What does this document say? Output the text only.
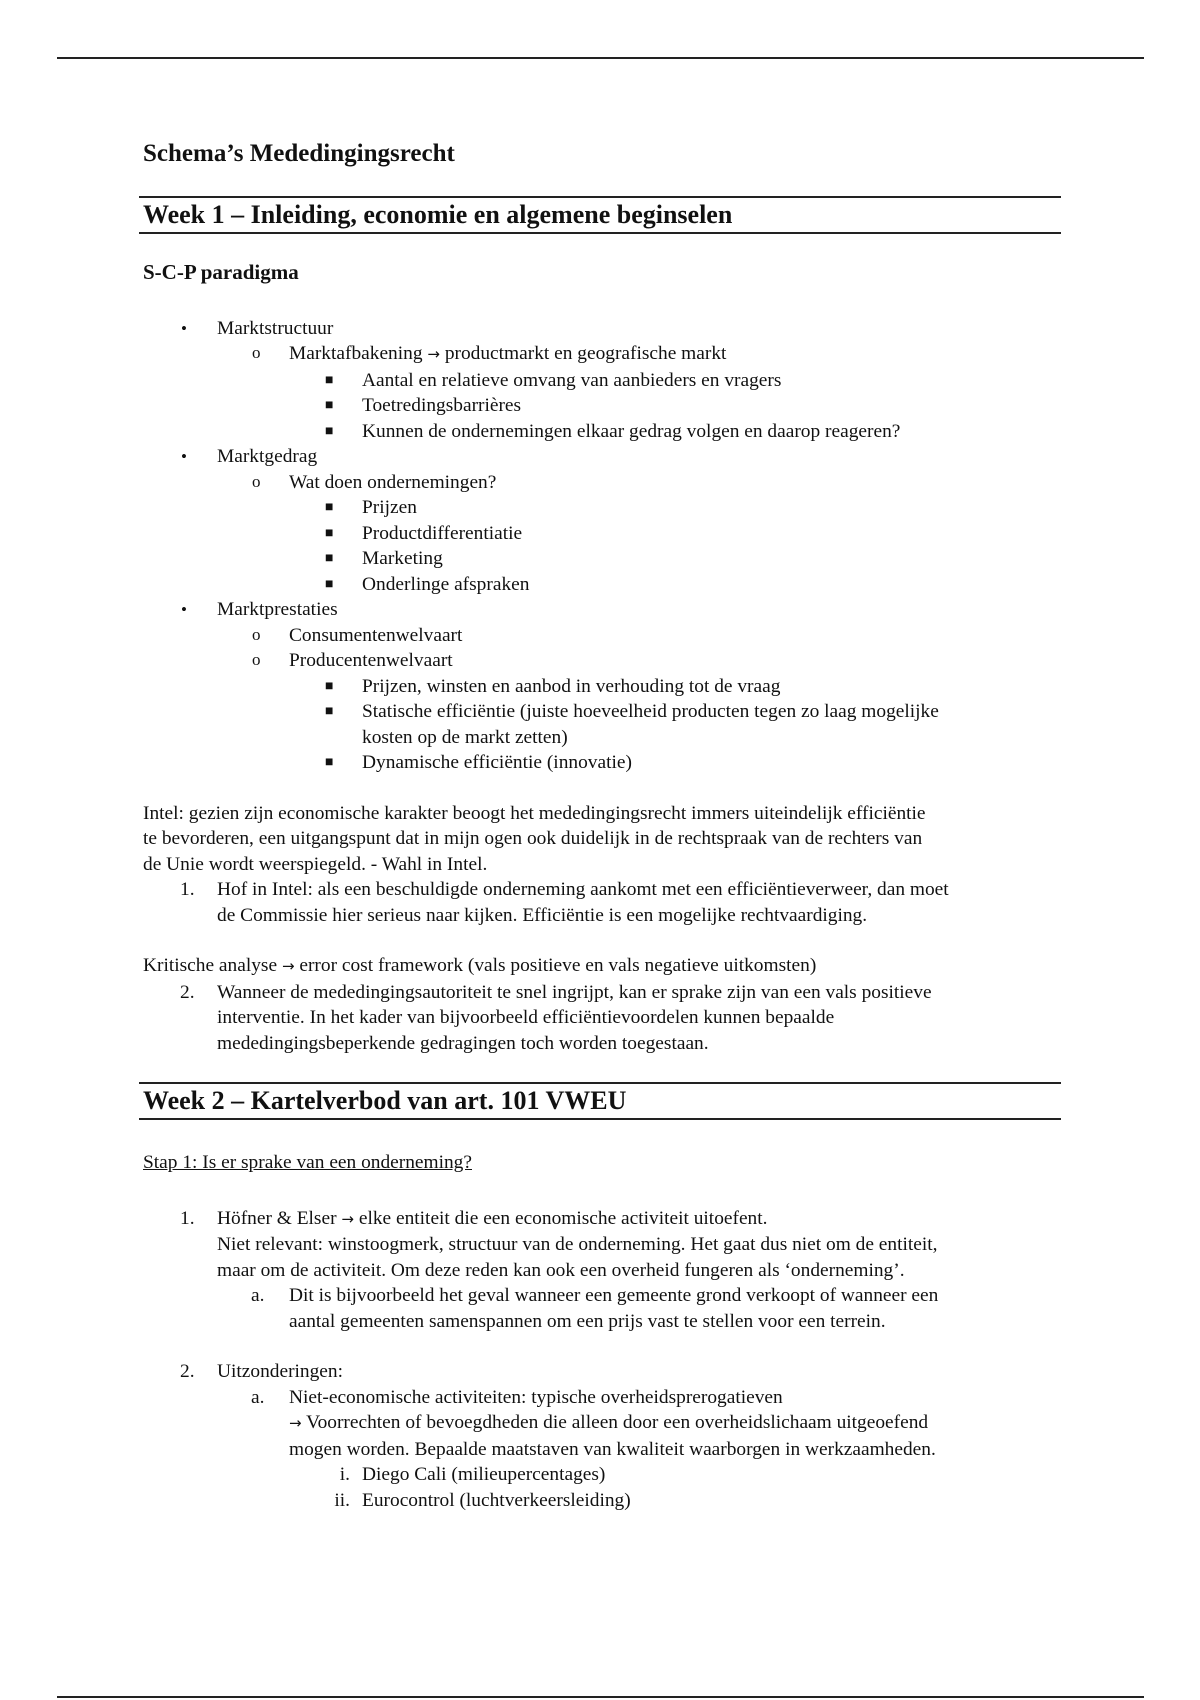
Schema’s Mededingingsrecht
Week 1 – Inleiding, economie en algemene beginselen
S-C-P paradigma
• Marktstructuur
o Marktafbakening → productmarkt en geografische markt
■ Aantal en relatieve omvang van aanbieders en vragers
■ Toetredingsbarrières
■ Kunnen de ondernemingen elkaar gedrag volgen en daarop reageren?
• Marktgedrag
o Wat doen ondernemingen?
■ Prijzen
■ Productdifferentiatie
■ Marketing
■ Onderlinge afspraken
• Marktprestaties
o Consumentenwelvaart
o Producentenwelvaart
■ Prijzen, winsten en aanbod in verhouding tot de vraag
■ Statische efficiëntie (juiste hoeveelheid producten tegen zo laag mogelijke
kosten op de markt zetten)
■ Dynamische efficiëntie (innovatie)
Intel: gezien zijn economische karakter beoogt het mededingingsrecht immers uiteindelijk efficiëntie
te bevorderen, een uitgangspunt dat in mijn ogen ook duidelijk in de rechtspraak van de rechters van
de Unie wordt weerspiegeld. - Wahl in Intel.
1. Hof in Intel: als een beschuldigde onderneming aankomt met een efficiëntieverweer, dan moet
de Commissie hier serieus naar kijken. Efficiëntie is een mogelijke rechtvaardiging.
Kritische analyse → error cost framework (vals positieve en vals negatieve uitkomsten)
2. Wanneer de mededingingsautoriteit te snel ingrijpt, kan er sprake zijn van een vals positieve
interventie. In het kader van bijvoorbeeld efficiëntievoordelen kunnen bepaalde
mededingingsbeperkende gedragingen toch worden toegestaan.
Week 2 – Kartelverbod van art. 101 VWEU
Stap 1: Is er sprake van een onderneming?
1. Höfner & Elser → elke entiteit die een economische activiteit uitoefent.
Niet relevant: winstoogmerk, structuur van de onderneming. Het gaat dus niet om de entiteit,
maar om de activiteit. Om deze reden kan ook een overheid fungeren als ‘onderneming’.
a. Dit is bijvoorbeeld het geval wanneer een gemeente grond verkoopt of wanneer een
aantal gemeenten samenspannen om een prijs vast te stellen voor een terrein.
2. Uitzonderingen:
a. Niet-economische activiteiten: typische overheidsprerogatieven
→ Voorrechten of bevoegdheden die alleen door een overheidslichaam uitgeoefend
mogen worden. Bepaalde maatstaven van kwaliteit waarborgen in werkzaamheden.
i. Diego Cali (milieupercentages)
ii. Eurocontrol (luchtverkeersleiding)
